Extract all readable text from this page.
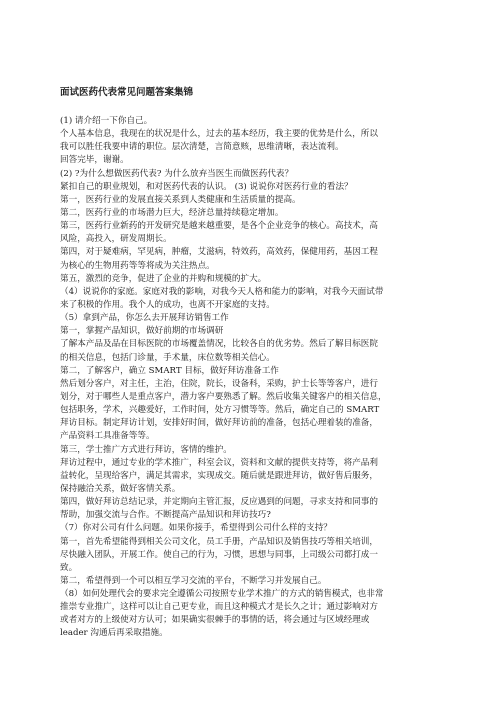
面试医药代表常见问题答案集锦
(1) 请介绍一下你自己。
个人基本信息，我现在的状况是什么，过去的基本经历，我主要的优势是什么，所以
我可以胜任我要申请的职位。层次清楚，言简意赅，思维清晰，表达流利。
回答完毕，谢谢。
(2) ?为什么想做医药代表? 为什么放弃当医生而做医药代表？
紧扣自己的职业规划，和对医药代表的认识。 (3) 说说你对医药行业的看法？
第一，医药行业的发展直接关系到人类健康和生活质量的提高。
第二，医药行业的市场潜力巨大，经济总量持续稳定增加。
第三，医药行业新药的开发研究是越来越重要，是各个企业竞争的核心。高技术，高
风险，高投入，研发周期长。
第四，对于疑难病，罕见病，肿瘤，艾滋病，特效药，高效药，保健用药，基因工程
为核心的生物用药等等将成为关注热点。
第五，激烈的竞争，促进了企业的并购和规模的扩大。
（4）说说你的家庭。家庭对我的影响，对我今天人格和能力的影响，对我今天面试带
来了积极的作用。我个人的成功，也离不开家庭的支持。
（5）拿到产品，你怎么去开展拜访销售工作
第一，掌握产品知识，做好前期的市场调研
了解本产品及品在目标医院的市场覆盖情况，比较各自的优劣势。然后了解目标医院
的相关信息，包括门诊量，手术量，床位数等相关信心。
第二，了解客户，确立 SMART 目标，做好拜访准备工作
然后划分客户，对主任，主治，住院，院长，设备科，采购，护士长等等客户，进行
划分，对于哪些人是重点客户，潜力客户要熟悉了解。然后收集关键客户的相关信息，
包括职务，学术，兴趣爱好，工作时间，处方习惯等等。然后，确定自己的 SMART
拜访目标。制定拜访计划，安排好时间，做好拜访前的准备，包括心理着装的准备，
产品资料工具准备等等。
第三，学士推广方式进行拜访，客情的维护。
拜访过程中，通过专业的学术推广，科室会议，资料和文献的提供支持等，将产品利
益转化，呈现给客户，满足其需求，实现成交。随后就是跟进拜访，做好售后服务，
保持融洽关系，做好客情关系。
第四，做好拜访总结记录，并定期向主管汇报，反应遇到的问题，寻求支持和同事的
帮助，加强交流与合作。不断提高产品知识和拜访技巧?
（7）你对公司有什么问题。如果你接手，希望得到公司什么样的支持？
第一，首先希望能得到相关公司文化，员工手册，产品知识及销售技巧等相关培训，
尽快融入团队，开展工作。使自己的行为，习惯，思想与同事，上司级公司都打成一
致。
第二，希望得到一个可以相互学习交流的平台，不断学习并发展自己。
（8）如何处理代会的要求完全遵循公司按照专业学术推广的方式的销售模式，也非常
推崇专业推广，这样可以让自己更专业，而且这种模式才是长久之计；通过影响对方
或者对方的上级使对方认可；如果确实很棘手的事情的话，将会通过与区域经理或
leader 沟通后再采取措施。
